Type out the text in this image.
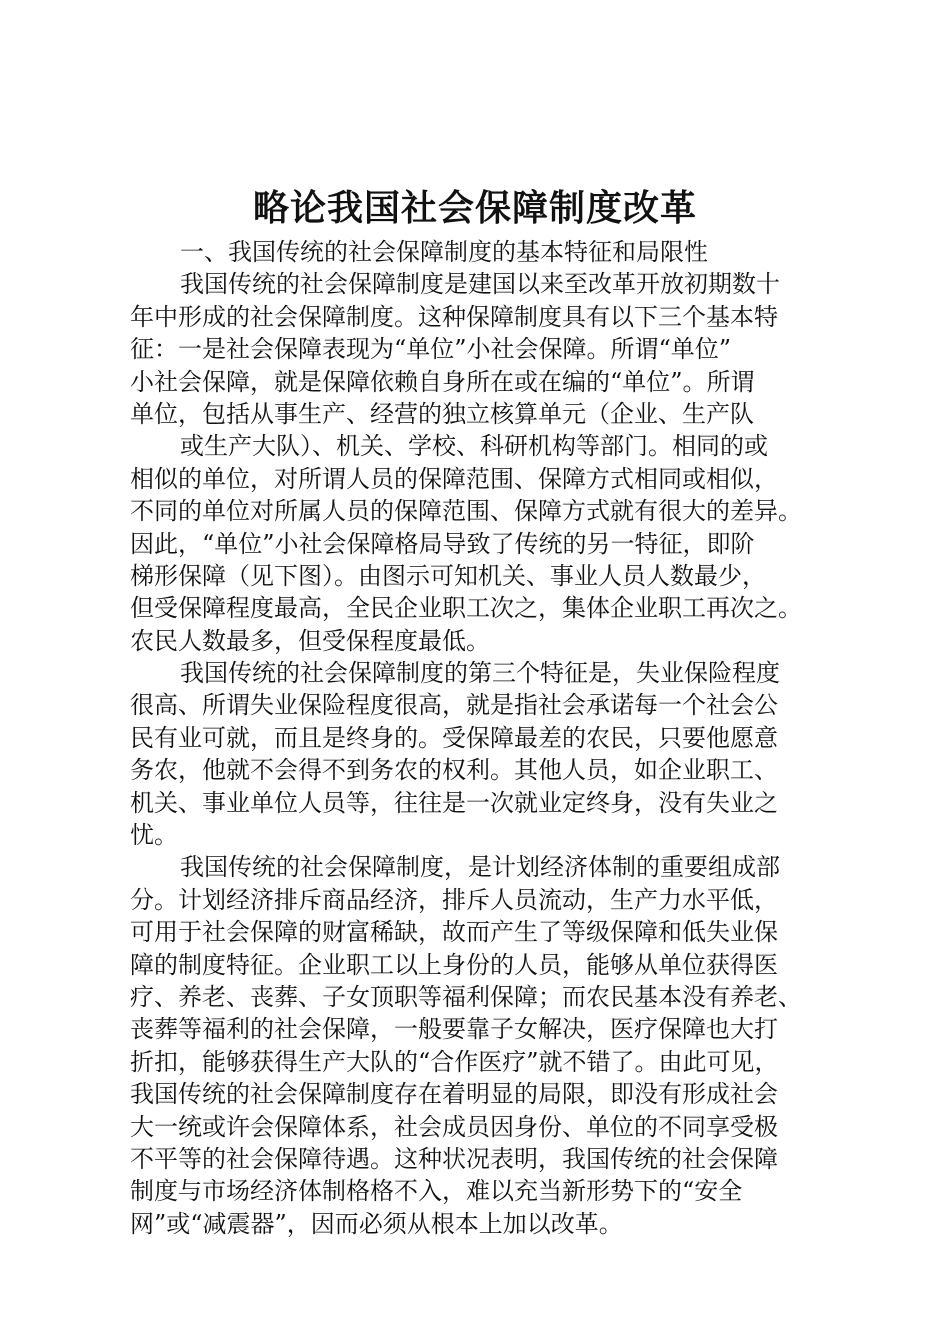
略论我国社会保障制度改革
一、我国传统的社会保障制度的基本特征和局限性
我国传统的社会保障制度是建国以来至改革开放初期数十
年中形成的社会保障制度。这种保障制度具有以下三个基本特
征：一是社会保障表现为“单位”小社会保障。所谓“单位”
小社会保障，就是保障依赖自身所在或在编的“单位”。所谓
单位，包括从事生产、经营的独立核算单元（企业、生产队
或生产大队）、机关、学校、科研机构等部门。相同的或
相似的单位，对所谓人员的保障范围、保障方式相同或相似，
不同的单位对所属人员的保障范围、保障方式就有很大的差异。
因此，“单位”小社会保障格局导致了传统的另一特征，即阶
梯形保障（见下图）。由图示可知机关、事业人员人数最少，
但受保障程度最高，全民企业职工次之，集体企业职工再次之。
农民人数最多，但受保程度最低。
我国传统的社会保障制度的第三个特征是，失业保险程度
很高、所谓失业保险程度很高，就是指社会承诺每一个社会公
民有业可就，而且是终身的。受保障最差的农民，只要他愿意
务农，他就不会得不到务农的权利。其他人员，如企业职工、
机关、事业单位人员等，往往是一次就业定终身，没有失业之
忧。
我国传统的社会保障制度，是计划经济体制的重要组成部
分。计划经济排斥商品经济，排斥人员流动，生产力水平低，
可用于社会保障的财富稀缺，故而产生了等级保障和低失业保
障的制度特征。企业职工以上身份的人员，能够从单位获得医
疗、养老、丧葬、子女顶职等福利保障；而农民基本没有养老、
丧葬等福利的社会保障，一般要靠子女解决，医疗保障也大打
折扣，能够获得生产大队的“合作医疗”就不错了。由此可见，
我国传统的社会保障制度存在着明显的局限，即没有形成社会
大一统或许会保障体系，社会成员因身份、单位的不同享受极
不平等的社会保障待遇。这种状况表明，我国传统的社会保障
制度与市场经济体制格格不入，难以充当新形势下的“安全
网”或“减震器”，因而必须从根本上加以改革。
